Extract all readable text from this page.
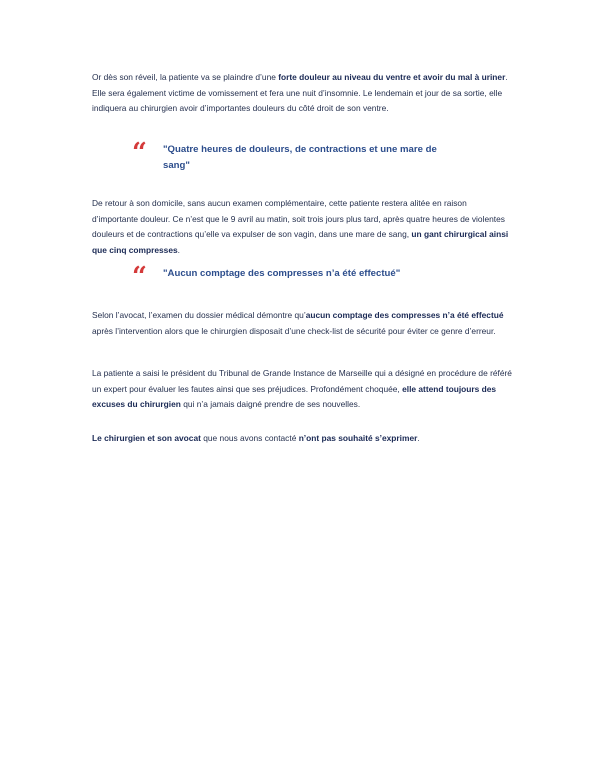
Or dès son réveil, la patiente va se plaindre d’une forte douleur au niveau du ventre et avoir du mal à uriner. Elle sera également victime de vomissement et fera une nuit d’insomnie. Le lendemain et jour de sa sortie, elle indiquera au chirurgien avoir d’importantes douleurs du côté droit de son ventre.

“ "Quatre heures de douleurs, de contractions et une mare de sang"

De retour à son domicile, sans aucun examen complémentaire, cette patiente restera alitée en raison d’importante douleur. Ce n’est que le 9 avril au matin, soit trois jours plus tard, après quatre heures de violentes douleurs et de contractions qu’elle va expulser de son vagin, dans une mare de sang, un gant chirurgical ainsi que cinq compresses.

“ "Aucun comptage des compresses n’a été effectué"

Selon l’avocat, l’examen du dossier médical démontre qu’aucun comptage des compresses n’a été effectué après l’intervention alors que le chirurgien disposait d’une check-list de sécurité pour éviter ce genre d’erreur.

La patiente a saisi le président du Tribunal de Grande Instance de Marseille qui a désigné en procédure de référé un expert pour évaluer les fautes ainsi que ses préjudices. Profondément choquée, elle attend toujours des excuses du chirurgien qui n’a jamais daigné prendre de ses nouvelles.

Le chirurgien et son avocat que nous avons contacté n’ont pas souhaité s’exprimer.
